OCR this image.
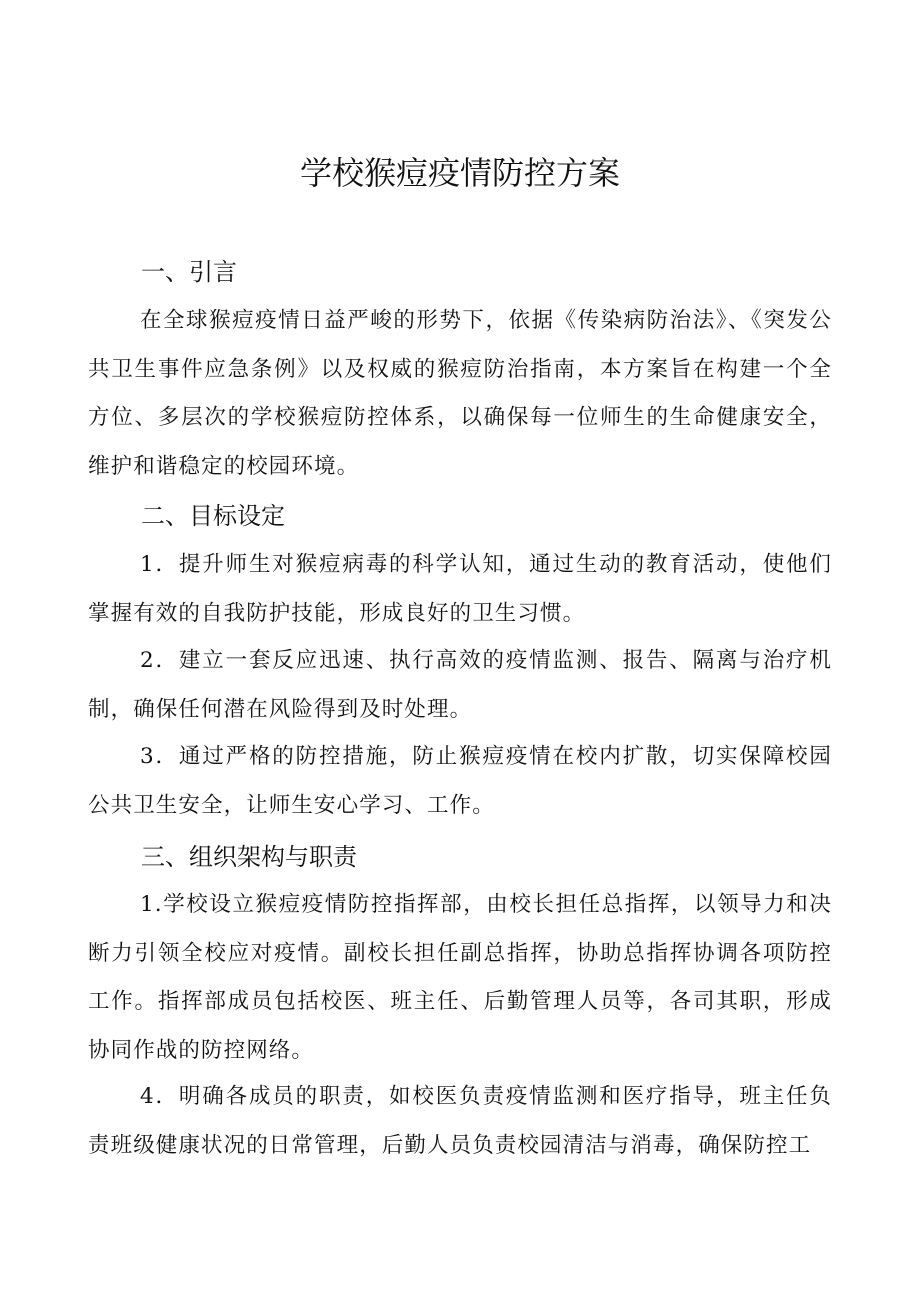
学校猴痘疫情防控方案
一、引言

在全球猴痘疫情日益严峻的形势下，依据《传染病防治法》、《突发公共卫生事件应急条例》以及权威的猴痘防治指南，本方案旨在构建一个全方位、多层次的学校猴痘防控体系，以确保每一位师生的生命健康安全，维护和谐稳定的校园环境。

二、目标设定

1．提升师生对猴痘病毒的科学认知，通过生动的教育活动，使他们掌握有效的自我防护技能，形成良好的卫生习惯。

2．建立一套反应迅速、执行高效的疫情监测、报告、隔离与治疗机制，确保任何潜在风险得到及时处理。

3．通过严格的防控措施，防止猴痘疫情在校内扩散，切实保障校园公共卫生安全，让师生安心学习、工作。

三、组织架构与职责

1.学校设立猴痘疫情防控指挥部，由校长担任总指挥，以领导力和决断力引领全校应对疫情。副校长担任副总指挥，协助总指挥协调各项防控工作。指挥部成员包括校医、班主任、后勤管理人员等，各司其职，形成协同作战的防控网络。

4．明确各成员的职责，如校医负责疫情监测和医疗指导，班主任负责班级健康状况的日常管理，后勤人员负责校园清洁与消毒，确保防控工
